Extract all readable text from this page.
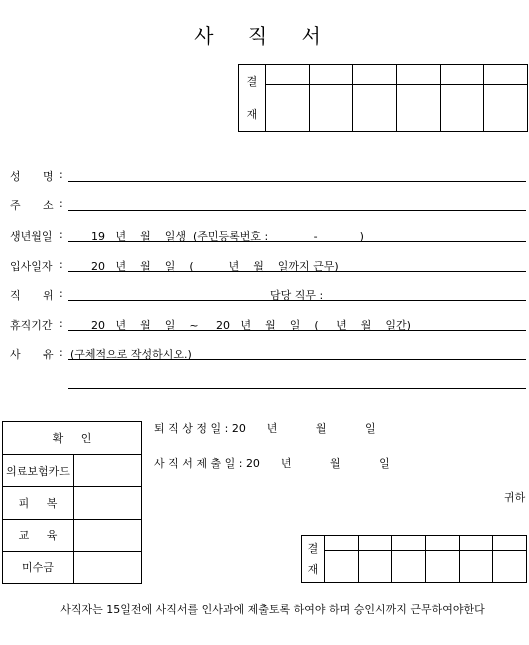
사 직 서
결
재						

성 명 :
주 소 :
생년월일 :	19   년    월    일생  (주민등록번호 :             -            )
입사일자 :	20   년    월    일    (          년    월    일까지 근무)
직 위 :	담당 직무 :
휴직기간 :	20   년    월    일    ~     20   년    월    일    (     년    월    일간)
사 유 : (구체적으로 작성하시오.)
확     인	
의료보험카드	
피     복	
교     육	
미수금	
퇴 직 상 정 일 : 20      년           월           일
사 직 서 제 출 일 : 20      년           월           일
귀하
결
재						

사직자는 15일전에 사직서를 인사과에 제출토록 하여야 하며 승인시까지 근무하여야한다
